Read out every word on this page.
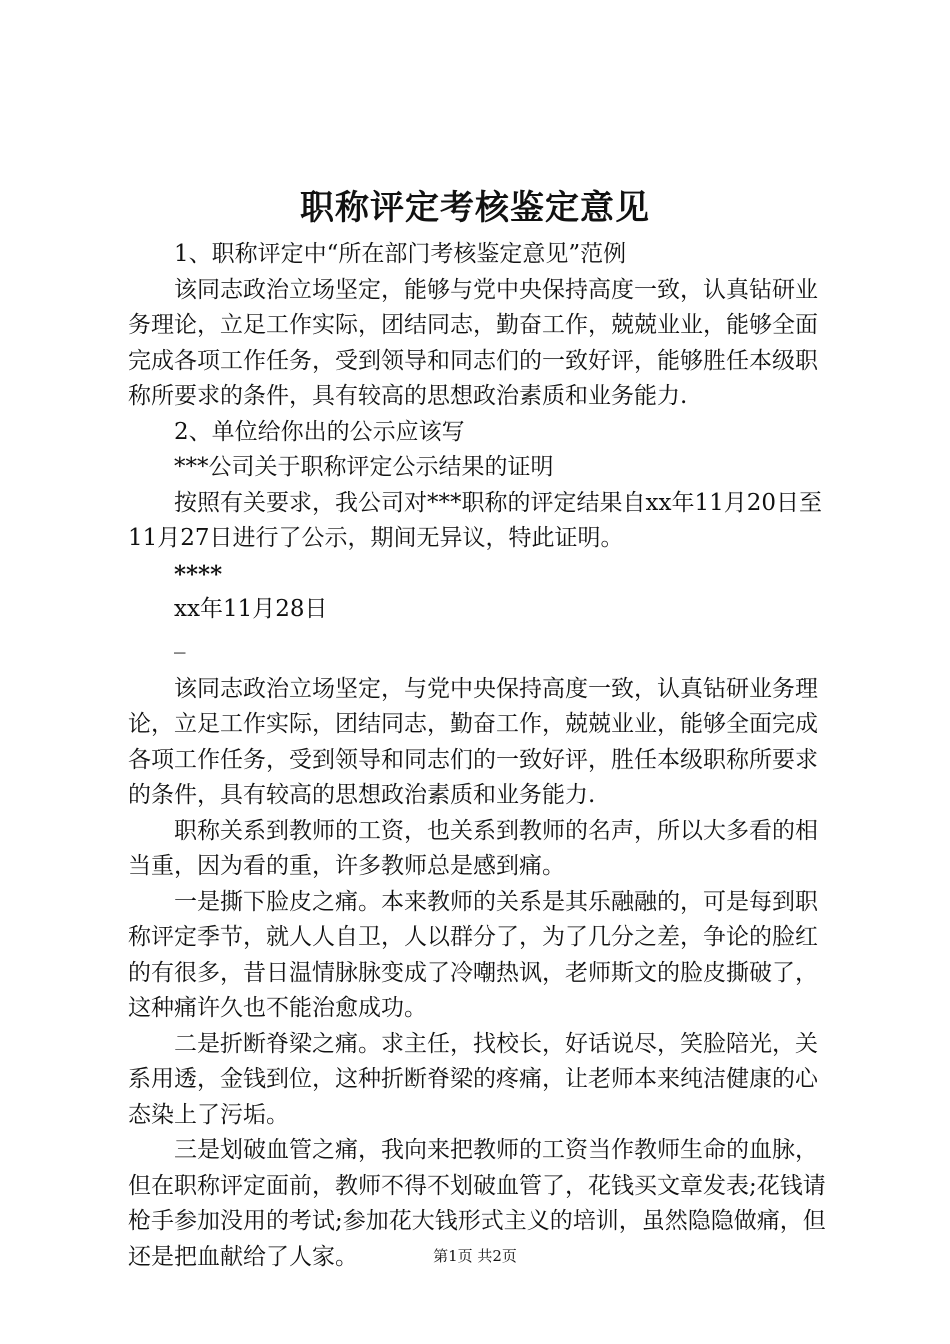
职称评定考核鉴定意见

1、职称评定中“所在部门考核鉴定意见”范例

该同志政治立场坚定，能够与党中央保持高度一致，认真钻研业务理论，立足工作实际，团结同志，勤奋工作，兢兢业业，能够全面完成各项工作任务，受到领导和同志们的一致好评，能够胜任本级职称所要求的条件，具有较高的思想政治素质和业务能力.

2、单位给你出的公示应该写

***公司关于职称评定公示结果的证明

按照有关要求，我公司对***职称的评定结果自xx年11月20日至11月27日进行了公示，期间无异议，特此证明。

****

xx年11月28日

_

该同志政治立场坚定，与党中央保持高度一致，认真钻研业务理论，立足工作实际，团结同志，勤奋工作，兢兢业业，能够全面完成各项工作任务，受到领导和同志们的一致好评，胜任本级职称所要求的条件，具有较高的思想政治素质和业务能力.

职称关系到教师的工资，也关系到教师的名声，所以大多看的相当重，因为看的重，许多教师总是感到痛。

一是撕下脸皮之痛。本来教师的关系是其乐融融的，可是每到职称评定季节，就人人自卫，人以群分了，为了几分之差，争论的脸红的有很多，昔日温情脉脉变成了冷嘲热讽，老师斯文的脸皮撕破了，这种痛许久也不能治愈成功。

二是折断脊梁之痛。求主任，找校长，好话说尽，笑脸陪光，关系用透，金钱到位，这种折断脊梁的疼痛，让老师本来纯洁健康的心态染上了污垢。

三是划破血管之痛，我向来把教师的工资当作教师生命的血脉，但在职称评定面前，教师不得不划破血管了，花钱买文章发表;花钱请枪手参加没用的考试;参加花大钱形式主义的培训，虽然隐隐做痛，但还是把血献给了人家。	第1页 共2页
